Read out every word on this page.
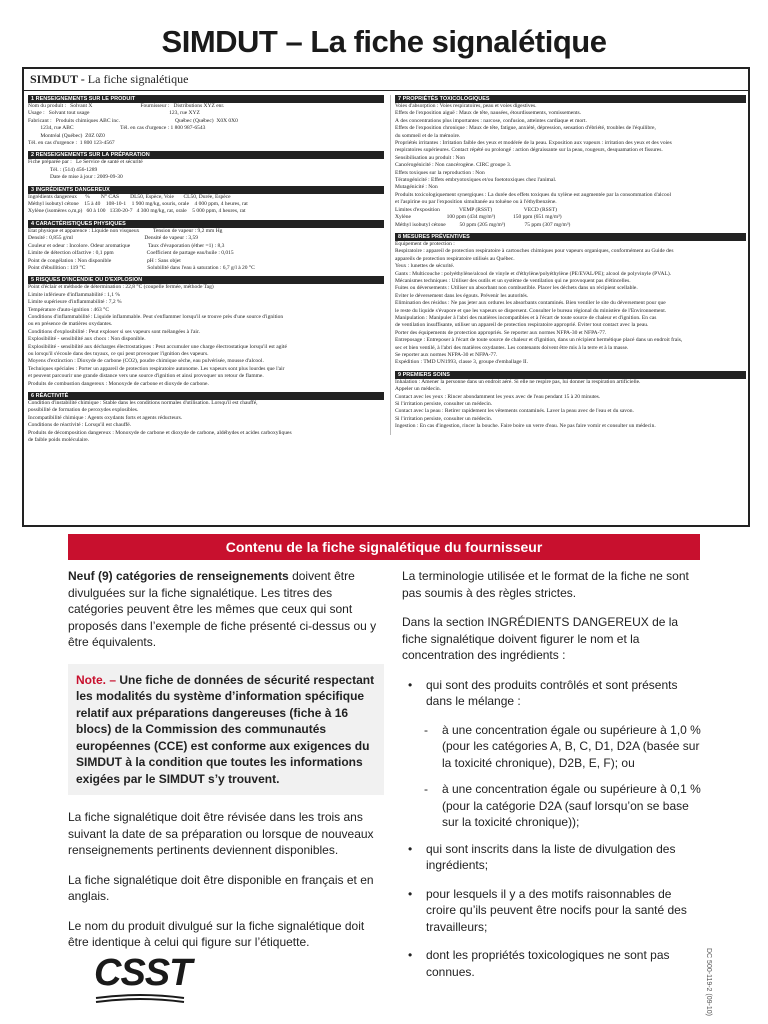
SIMDUT – La fiche signalétique
SIMDUT - La fiche signalétique
1 RENSEIGNEMENTS SUR LE PRODUIT
Nom du produit :   Solvant X                                   Fournisseur :   Distributions XYZ enr.
Usage :   Solvant tout usage                                                          123, rue XYZ
Fabricant :   Produits chimiques ABC inc.                                        Québec (Québec)  X0X 0X0
1234, rue ABC                                  Tél. en cas d'urgence : 1 800 987-6543
Montréal (Québec)  Z0Z 0Z0
Tél. en cas d'urgence :  1 800 123-4567
2 RENSEIGNEMENTS SUR LA PRÉPARATION
Fiche préparée par :   Le Service de santé et sécurité
Tél. : (514) 456-1289
Date de mise à jour : 2009-09-30
3 INGRÉDIENTS DANGEREUX
Ingrédients dangereux      %        N° CAS        DL50, Espèce, Voie       CL50, Durée, Espèce
Méthyl isobutyl cétone    15 à 40    108-10-1    1 900 mg/kg, souris, orale    4 000 ppm, 4 heures, rat
Xylène (isomères o,m,p)   60 à 100   1330-20-7   4 300 mg/kg, rat, orale    5 000 ppm, 4 heures, rat
4 CARACTÉRISTIQUES PHYSIQUES
État physique et apparence : Liquide non visqueux          Tension de vapeur : 9,2 mm Hg
Densité : 0,855 g/ml                                                    Densité de vapeur : 3,59
Couleur et odeur : Incolore. Odeur aromatique             Taux d'évaporation (éther =1) : 8,3
Limite de détection olfactive : 0,1 ppm                        Coefficient de partage eau/huile : 0,015
Point de congélation : Non disponible                          pH : Sans objet
Point d'ébullition : 119 °C                                             Solubilité dans l'eau à saturation : 6,7 g/l à 20 °C
5 RISQUES D'INCENDIE OU D'EXPLOSION
Point d'éclair et méthode de détermination : 22,8 °C (coupelle fermée, méthode Tag)
Limite inférieure d'inflammabilité : 1,1 %
Limite supérieure d'inflammabilité : 7,2 %
Température d'auto-ignition : 463 °C
Conditions d'inflammabilité : Liquide inflammable. Peut s'enflammer lorsqu'il se trouve près d'une source d'ignition
ou en présence de matières oxydantes.
Conditions d'explosibilité : Peut exploser si ses vapeurs sont mélangées à l'air.
Explosibilité - sensibilité aux chocs : Non disponible.
Explosibilité - sensibilité aux décharges électrostatiques : Peut accumuler une charge électrostatique lorsqu'il est agité
ou lorsqu'il s'écoule dans des tuyaux, ce qui peut provoquer l'ignition des vapeurs.
Moyens d'extinction : Dioxyde de carbone (CO2), poudre chimique sèche, eau pulvérisée, mousse d'alcool.
Techniques spéciales : Porter un appareil de protection respiratoire autonome. Les vapeurs sont plus lourdes que l'air
et peuvent parcourir une grande distance vers une source d'ignition et ainsi provoquer un retour de flamme.
Produits de combustion dangereux : Monoxyde de carbone et dioxyde de carbone.
6 RÉACTIVITÉ
Condition d'instabilité chimique : Stable dans les conditions normales d'utilisation. Lorsqu'il est chauffé,
possibilité de formation de peroxydes explosibles.
Incompatibilité chimique : Agents oxydants forts et agents réducteurs.
Conditions de réactivité : Lorsqu'il est chauffé.
Produits de décomposition dangereux : Monoxyde de carbone et dioxyde de carbone, aldéhydes et acides carboxyliques
de faible poids moléculaire.
7 PROPRIÉTÉS TOXICOLOGIQUES
Voies d'absorption : Voies respiratoires, peau et voies digestives.
Effets de l'exposition aiguë : Maux de tête, nausées, étourdissements, vomissements.
À des concentrations plus importantes : narcose, confusion, atteintes cardiaque et mort.
Effets de l'exposition chronique : Maux de tête, fatigue, anxiété, dépression, sensation d'ébriété, troubles de l'équilibre,
du sommeil et de la mémoire.
Propriétés irritantes : Irritation faible des yeux et modérée de la peau. Exposition aux vapeurs : irritation des yeux et des voies
respiratoires supérieures. Contact répété ou prolongé : action dégraissante sur la peau, rougeurs, desquamation et fissures.
Sensibilisation au produit : Non
Cancérogénicité : Non cancérogène. CIRC groupe 3.
Effets toxiques sur la reproduction : Non
Tératogénicité : Effets embryotoxiques et/ou foetotoxiques chez l'animal.
Mutagénicité : Non
Produits toxicologiquement synergiques : La durée des effets toxiques du xylène est augmentée par la consommation d'alcool
et l'aspirine ou par l'exposition simultanée au toluène ou à l'éthylbenzène.
Limites d'exposition              VEMP (RSST)                       VECD (RSST)
Xylène                          100 ppm (434 mg/m³)             150 ppm (651 mg/m³)
Méthyl isobutyl cétone          50 ppm (205 mg/m³)              75 ppm (307 mg/m³)
8 MESURES PRÉVENTIVES
Équipement de protection :
Respiratoire : appareil de protection respiratoire à cartouches chimiques pour vapeurs organiques, conformément au Guide des
appareils de protection respiratoire utilisés au Québec.
Yeux : lunettes de sécurité.
Gants : Multicouche : polyéthylène/alcool de vinyle et d'éthylène/polyéthylène (PE/EVAL/PE); alcool de polyvinyle (PVAL).
Mécanismes techniques : Utiliser des outils et un système de ventilation qui ne provoquent pas d'étincelles.
Fuites ou déversements : Utiliser un absorbant non combustible. Placer les déchets dans un récipient scellable.
Éviter le déversement dans les égouts. Prévenir les autorités.
Élimination des résidus : Ne pas jeter aux ordures les absorbants contaminés. Bien ventiler le site du déversement pour que
le reste du liquide s'évapore et que les vapeurs se dispersent. Consulter le bureau régional du ministère de l'Environnement.
Manipulation : Manipuler à l'abri des matières incompatibles et à l'écart de toute source de chaleur et d'ignition. En cas
de ventilation insuffisante, utiliser un appareil de protection respiratoire approprié. Éviter tout contact avec la peau.
Porter des équipements de protection appropriés. Se reporter aux normes NFPA-30 et NFPA-77.
Entreposage : Entreposer à l'écart de toute source de chaleur et d'ignition, dans un récipient hermétique placé dans un endroit frais,
sec et bien ventilé, à l'abri des matières oxydantes. Les contenants doivent être mis à la terre et à la masse.
Se reporter aux normes NFPA-30 et NFPA-77.
Expédition : TMD UN1993, classe 3, groupe d'emballage II.
9 PREMIERS SOINS
Inhalation : Amener la personne dans un endroit aéré. Si elle ne respire pas, lui donner la respiration artificielle.
Appeler un médecin.
Contact avec les yeux : Rincer abondamment les yeux avec de l'eau pendant 15 à 20 minutes.
Si l'irritation persiste, consulter un médecin.
Contact avec la peau : Retirer rapidement les vêtements contaminés. Laver la peau avec de l'eau et du savon.
Si l'irritation persiste, consulter un médecin.
Ingestion : En cas d'ingestion, rincer la bouche. Faire boire un verre d'eau. Ne pas faire vomir et consulter un médecin.
Contenu de la fiche signalétique du fournisseur

Neuf (9) catégories de renseignements doivent être divulguées sur la fiche signalétique. Les titres des catégories peuvent être les mêmes que ceux qui sont proposés dans l’exemple de fiche présenté ci-dessus ou y être équivalents.

Note. – Une fiche de données de sécurité respectant les modalités du système d’information spécifique relatif aux préparations dangereuses (fiche à 16 blocs) de la Commission des communautés européennes (CCE) est conforme aux exigences du SIMDUT à la condition que toutes les informations exigées par le SIMDUT s’y trouvent.

La fiche signalétique doit être révisée dans les trois ans suivant la date de sa préparation ou lorsque de nouveaux renseignements pertinents deviennent disponibles.

La fiche signalétique doit être disponible en français et en anglais.

Le nom du produit divulgué sur la fiche signalétique doit être identique à celui qui figure sur l’étiquette.

La terminologie utilisée et le format de la fiche ne sont pas soumis à des règles strictes.

Dans la section INGRÉDIENTS DANGEREUX de la fiche signalétique doivent figurer le nom et la concentration des ingrédients :

• qui sont des produits contrôlés et sont présents dans le mélange :
- à une concentration égale ou supérieure à 1,0 % (pour les catégories A, B, C, D1, D2A (basée sur la toxicité chronique), D2B, E, F); ou
- à une concentration égale ou supérieure à 0,1 % (pour la catégorie D2A (sauf lorsqu’on se base sur la toxicité chronique));
• qui sont inscrits dans la liste de divulgation des ingrédients;
• pour lesquels il y a des motifs raisonnables de croire qu’ils peuvent être nocifs pour la santé des travailleurs;
• dont les propriétés toxicologiques ne sont pas connues.
CSST	DC 500-119-2 (09-10)
